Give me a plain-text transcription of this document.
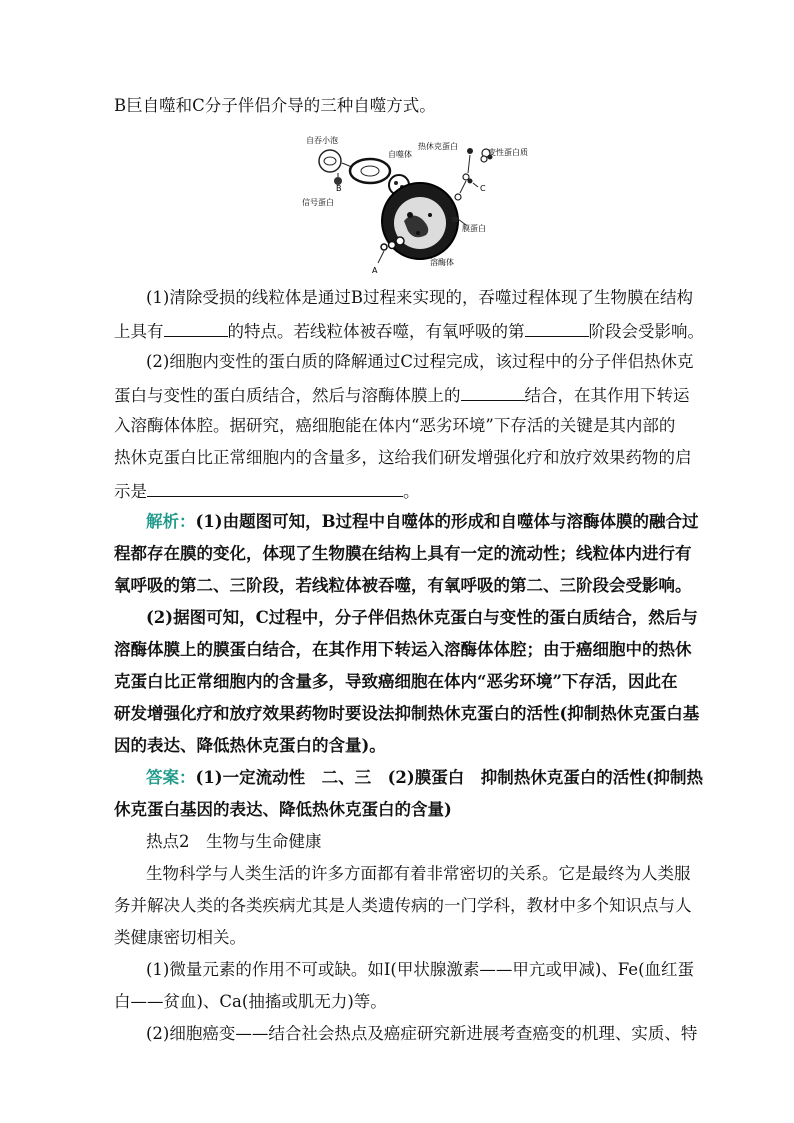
B巨自噬和C分子伴侣介导的三种自噬方式。
自吞小泡
信号蛋白
自噬体
热休克蛋白
变性蛋白质
膜蛋白
溶酶体
B	C
A
(1)清除受损的线粒体是通过B过程来实现的，吞噬过程体现了生物膜在结构
上具有	的特点。若线粒体被吞噬，有氧呼吸的第	阶段会受影响。
(2)细胞内变性的蛋白质的降解通过C过程完成，该过程中的分子伴侣热休克
蛋白与变性的蛋白质结合，然后与溶酶体膜上的	结合，在其作用下转运
入溶酶体体腔。据研究，癌细胞能在体内“恶劣环境”下存活的关键是其内部的
热休克蛋白比正常细胞内的含量多，这给我们研发增强化疗和放疗效果药物的启
示是	。
解析：(1)由题图可知，B过程中自噬体的形成和自噬体与溶酶体膜的融合过
程都存在膜的变化，体现了生物膜在结构上具有一定的流动性；线粒体内进行有
氧呼吸的第二、三阶段，若线粒体被吞噬，有氧呼吸的第二、三阶段会受影响。
(2)据图可知，C过程中，分子伴侣热休克蛋白与变性的蛋白质结合，然后与
溶酶体膜上的膜蛋白结合，在其作用下转运入溶酶体体腔；由于癌细胞中的热休
克蛋白比正常细胞内的含量多，导致癌细胞在体内“恶劣环境”下存活，因此在
研发增强化疗和放疗效果药物时要设法抑制热休克蛋白的活性(抑制热休克蛋白基
因的表达、降低热休克蛋白的含量)。
答案：(1)一定流动性　二、三　(2)膜蛋白　抑制热休克蛋白的活性(抑制热
休克蛋白基因的表达、降低热休克蛋白的含量)
热点2　生物与生命健康
生物科学与人类生活的许多方面都有着非常密切的关系。它是最终为人类服
务并解决人类的各类疾病尤其是人类遗传病的一门学科，教材中多个知识点与人
类健康密切相关。
(1)微量元素的作用不可或缺。如I(甲状腺激素——甲亢或甲减)、Fe(血红蛋
白——贫血)、Ca(抽搐或肌无力)等。
(2)细胞癌变——结合社会热点及癌症研究新进展考查癌变的机理、实质、特
